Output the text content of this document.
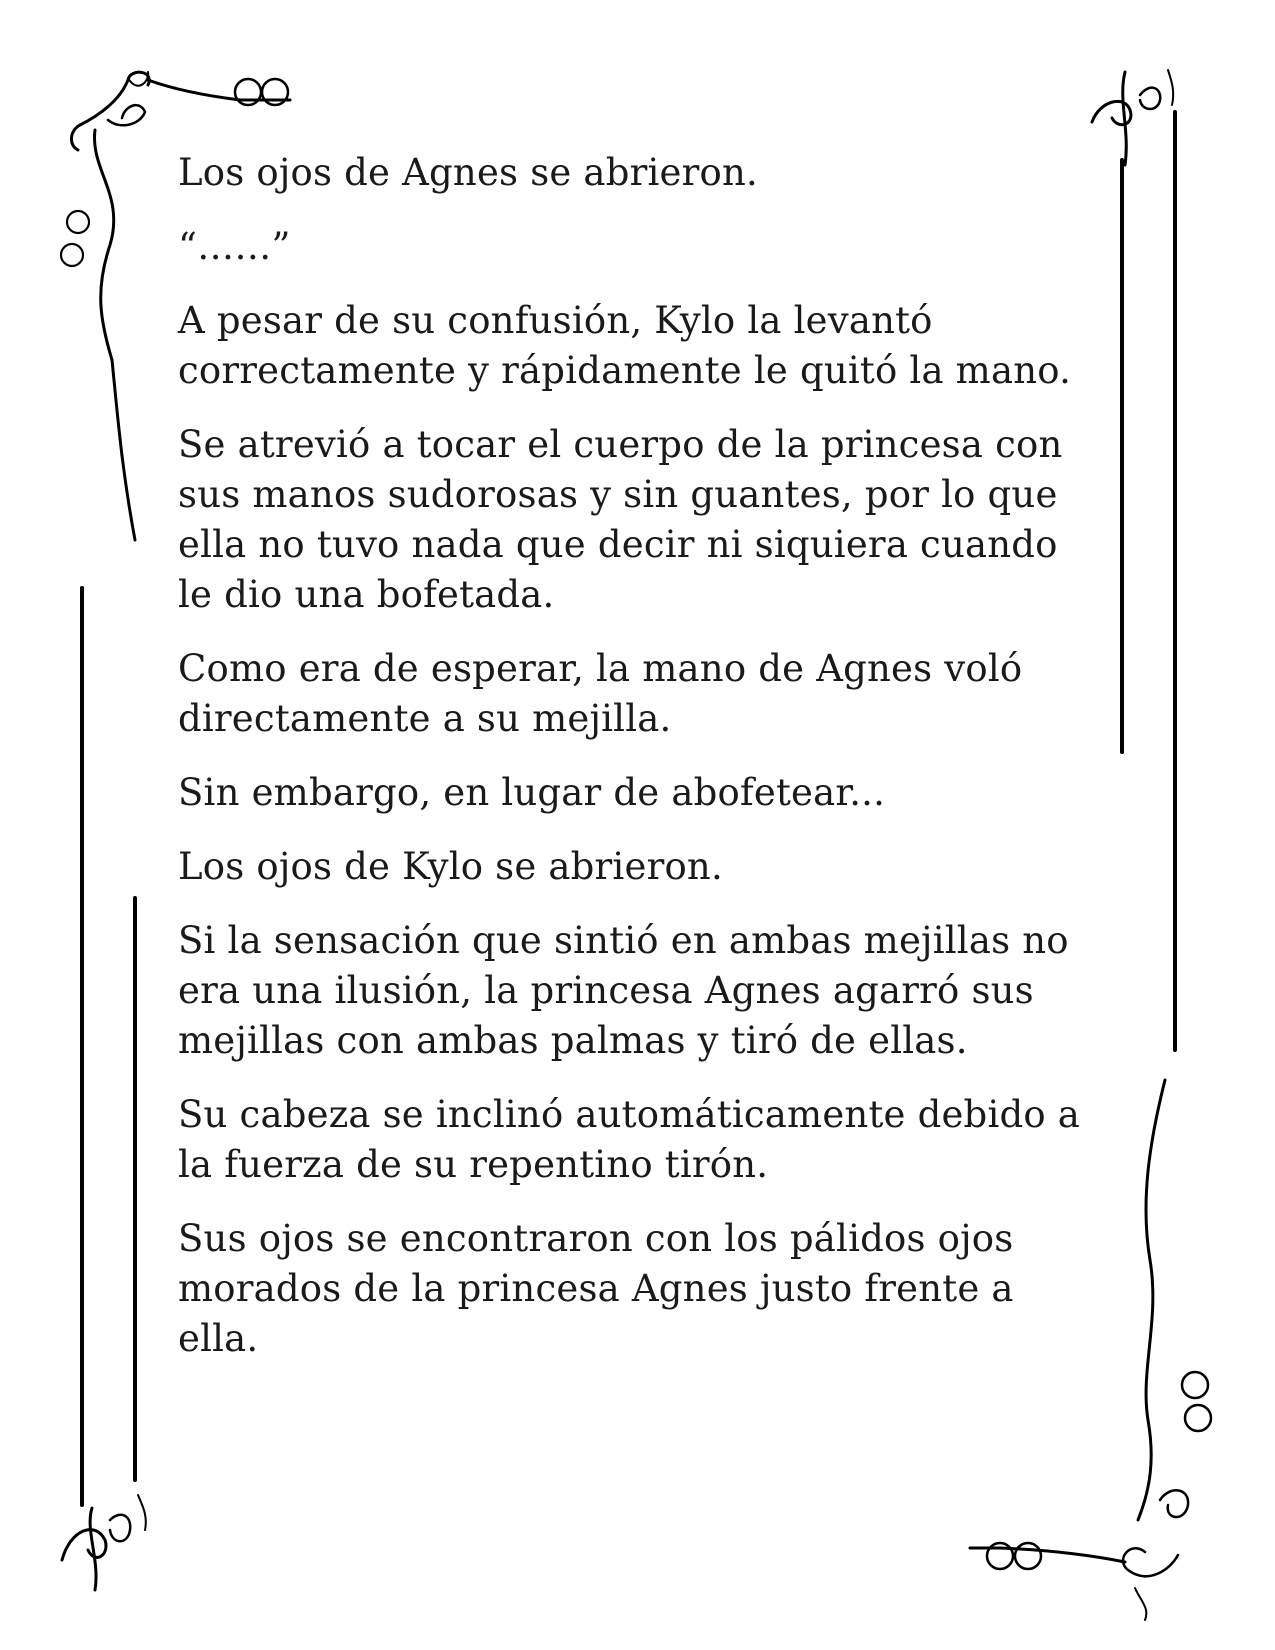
Los ojos de Agnes se abrieron.

“……”

A pesar de su confusión, Kylo la levantó correctamente y rápidamente le quitó la mano.

Se atrevió a tocar el cuerpo de la princesa con sus manos sudorosas y sin guantes, por lo que ella no tuvo nada que decir ni siquiera cuando le dio una bofetada.

Como era de esperar, la mano de Agnes voló directamente a su mejilla.

Sin embargo, en lugar de abofetear...

Los ojos de Kylo se abrieron.

Si la sensación que sintió en ambas mejillas no era una ilusión, la princesa Agnes agarró sus mejillas con ambas palmas y tiró de ellas.

Su cabeza se inclinó automáticamente debido a la fuerza de su repentino tirón.

Sus ojos se encontraron con los pálidos ojos morados de la princesa Agnes justo frente a ella.
